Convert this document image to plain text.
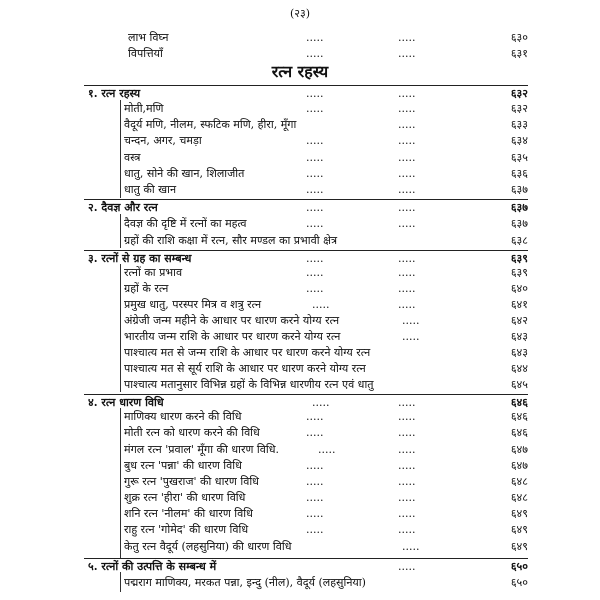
(२३)
लाभ विघ्न	.....	.....	६३०
विपत्तियाँ	.....	.....	६३१
रत्न रहस्य
१. रत्न रहस्य	.....	.....	६३२
मोती,मणि	.....	.....	६३२
वैदूर्य मणि, नीलम, स्फटिक मणि, हीरा, मूँगा	.....	६३३
चन्दन, अगर, चमड़ा	.....	.....	६३४
वस्त्र	.....	.....	६३५
धातु, सोने की खान, शिलाजीत	.....	.....	६३६
धातु की खान	.....	.....	६३७
२. दैवज्ञ और रत्न	.....	.....	६३७
दैवज्ञ की दृष्टि में रत्नों का महत्व	.....	.....	६३७
ग्रहों की राशि कक्षा में रत्न, सौर मण्डल का प्रभावी क्षेत्र	६३८
३. रत्नों से ग्रह का सम्बन्ध	.....	.....	६३९
रत्नों का प्रभाव	.....	.....	६३९
ग्रहों के रत्न	.....	.....	६४०
प्रमुख धातु, परस्पर मित्र व शत्रु रत्न	.....	.....	६४१
अंग्रेजी जन्म महीने के आधार पर धारण करने योग्य रत्न	.....	६४२
भारतीय जन्म राशि के आधार पर धारण करने योग्य रत्न	.....	६४३
पाश्चात्य मत से जन्म राशि के आधार पर धारण करने योग्य रत्न	६४३
पाश्चात्य मत से सूर्य राशि के आधार पर धारण करने योग्य रत्न	६४४
पाश्चात्य मतानुसार विभिन्न ग्रहों के विभिन्न धारणीय रत्न एवं धातु	६४५
४. रत्न धारण विधि	.....	.....	६४६
माणिक्य धारण करने की विधि	.....	.....	६४६
मोती रत्न को धारण करने की विधि	.....	.....	६४६
मंगल रत्न 'प्रवाल' मूँगा की धारण विधि.	.....	.....	६४७
बुध रत्न 'पन्ना' की धारण विधि	.....	.....	६४७
गुरू रत्न 'पुखराज' की धारण विधि	.....	.....	६४८
शुक्र रत्न 'हीरा' की धारण विधि	.....	.....	६४८
शनि रत्न 'नीलम' की धारण विधि	.....	.....	६४९
राहु रत्न 'गोमेद' की धारण विधि	.....	.....	६४९
केतु रत्न वैदूर्य (लहसुनिया) की धारण विधि	.....	६४९
५. रत्नों की उत्पत्ति के सम्बन्ध में	.....	६५०
पद्मराग माणिक्य, मरकत पन्ना, इन्दु (नील), वैदूर्य (लहसुनिया)	६५०
